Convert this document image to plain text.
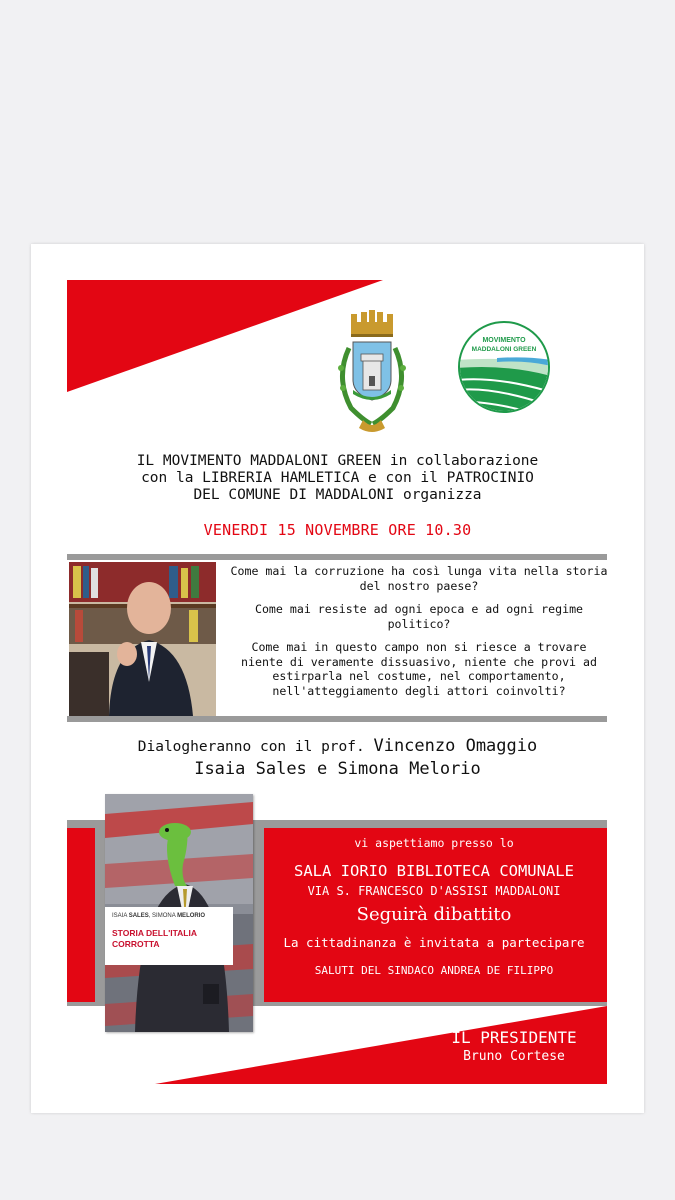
MOVIMENTO
MADDALONI GREEN
IL MOVIMENTO MADDALONI GREEN in collaborazione
con la LIBRERIA HAMLETICA e con il PATROCINIO
DEL COMUNE DI MADDALONI organizza
VENERDI 15 NOVEMBRE ORE 10.30

Come mai la corruzione ha così lunga vita nella storia del nostro paese?

Come mai resiste ad ogni epoca e ad ogni regime politico?

Come mai in questo campo non si riesce a trovare niente di veramente dissuasivo, niente che provi ad estirparla nel costume, nel comportamento, nell'atteggiamento degli attori coinvolti?

Dialogheranno con il prof. Vincenzo Omaggio
Isaia Sales e Simona Melorio
ISAIA SALES, SIMONA MELORIO
STORIA DELL'ITALIA
CORROTTA
vi aspettiamo presso lo
SALA IORIO BIBLIOTECA COMUNALE
VIA S. FRANCESCO D'ASSISI MADDALONI
Seguirà dibattito
La cittadinanza è invitata a partecipare
SALUTI DEL SINDACO ANDREA DE FILIPPO
IL PRESIDENTE
Bruno Cortese
